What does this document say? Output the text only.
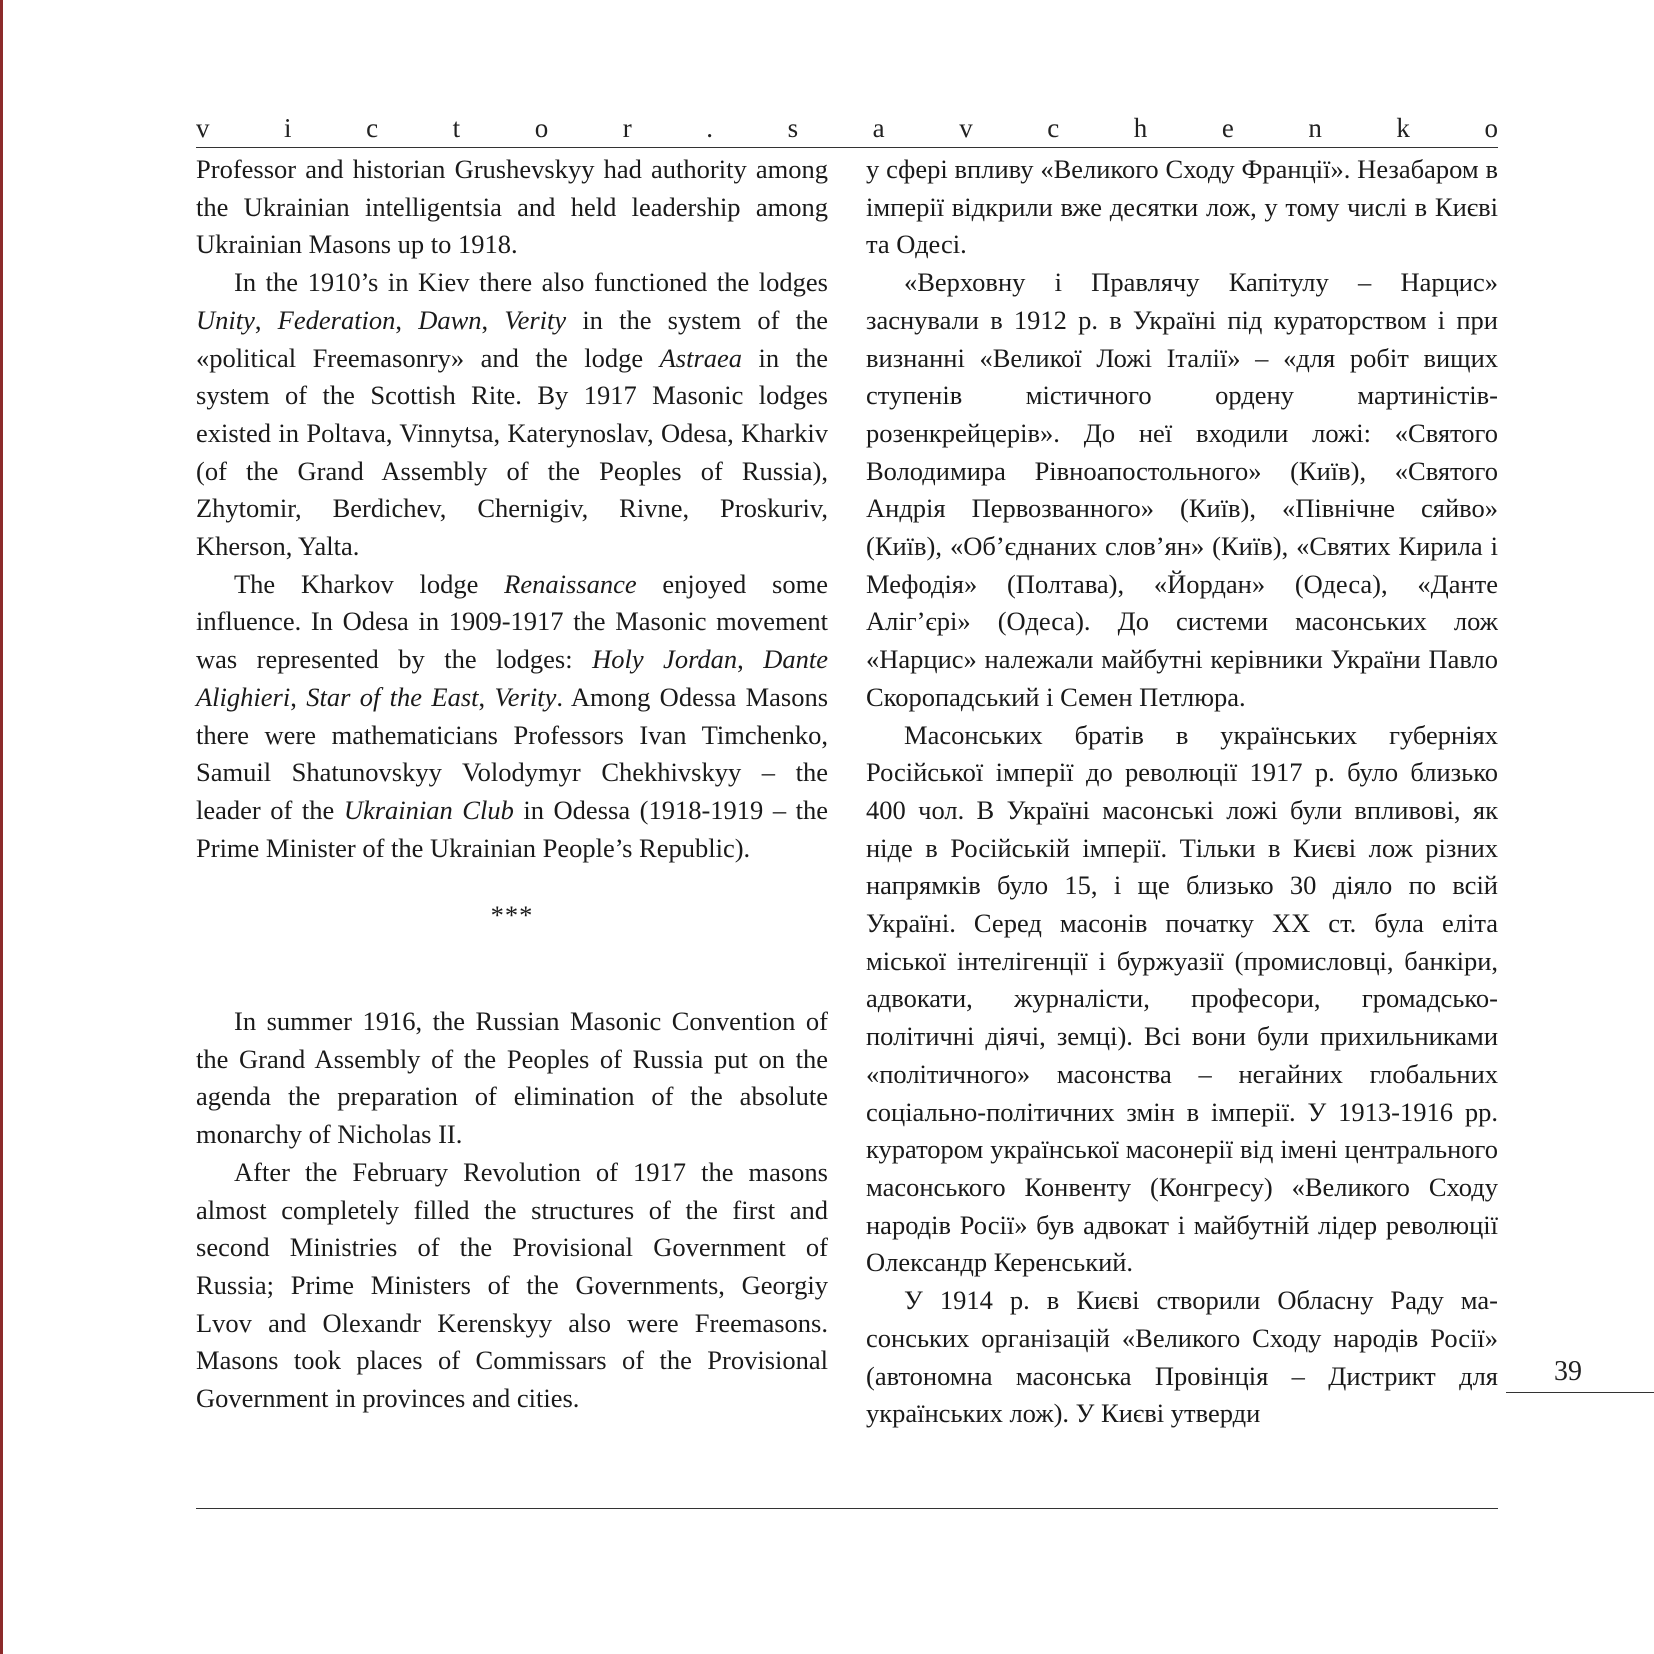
v	i	c	t	o	r	.	s	a	v	c	h	e	n	k	o

Professor and historian Grushevskyy had authority among the Ukrainian intelligentsia and held leadership among Ukrainian Masons up to 1918.

In the 1910’s in Kiev there also functioned the lodges Unity, Federation, Dawn, Verity in the system of the «political Freemasonry» and the lodge Astraea in the system of the Scottish Rite. By 1917 Masonic lodges existed in Poltava, Vinnytsa, Katerynoslav, Odesa, Kharkiv (of the Grand Assembly of the Peoples of Russia), Zhytomir, Berdichev, Chernigiv, Rivne, Proskuriv, Kherson, Yalta.

The Kharkov lodge Renaissance enjoyed some influence. In Odesa in 1909-1917 the Masonic movement was represented by the lodges: Holy Jordan, Dante Alighieri, Star of the East, Verity. Among Odessa Masons there were mathematicians Professors Ivan Timchenko, Samuil Shatunovskyy Volodymyr Chekhivskyy – the leader of the Ukrainian Club in Odessa (1918-1919 – the Prime Minister of the Ukrainian People’s Republic).

***

In summer 1916, the Russian Masonic Convention of the Grand Assembly of the Peoples of Russia put on the agenda the preparation of elimination of the absolute monarchy of Nicholas II.

After the February Revolution of 1917 the masons almost completely filled the structures of the first and second Ministries of the Provisional Government of Russia; Prime Ministers of the Governments, Georgiy Lvov and Olexandr Kerenskyy also were Freemasons. Masons took places of Commissars of the Provisional Government in provinces and cities.

у сфері впливу «Великого Сходу Франції». Незабаром в імперії відкрили вже десятки лож, у тому числі в Києві та Одесі.

«Верховну і Правлячу Капітулу – Нарцис» заснували в 1912 р. в Україні під кураторством і при визнанні «Великої Ложі Італії» – «для робіт вищих ступенів містичного ордену мартиністів-розенкрейцерів». До неї входили ложі: «Святого Володимира Рівноапостольного» (Київ), «Святого Андрія Первозванного» (Київ), «Північне сяйво» (Київ), «Об’єднаних слов’ян» (Київ), «Святих Кирила і Мефодія» (Полтава), «Йордан» (Одеса), «Данте Аліг’єрі» (Одеса). До системи масонських лож «Нарцис» належали майбутні керівники України Павло Скоропадський і Семен Петлюра.

Масонських братів в українських губерніях Російської імперії до революції 1917 р. було близько 400 чол. В Україні масонські ложі були впливові, як ніде в Російській імперії. Тільки в Києві лож різних напрямків було 15, і ще близько 30 діяло по всій Україні. Серед масонів початку XX ст. була еліта міської інтелігенції і буржуазії (промисловці, банкіри, адвокати, журналісти, професори, громадсько-політичні діячі, земці). Всі вони були прихильниками «політичного» масонства – негайних глобальних соціально-політичних змін в імперії. У 1913-1916 рр. куратором української масонерії від імені центрального масонського Конвенту (Конгресу) «Великого Сходу народів Росії» був адвокат і майбутній лідер революції Олександр Керенський.

У 1914 р. в Києві створили Обласну Раду масонських організацій «Великого Сходу народів Росії» (автономна масонська Провінція – Дистрикт для українських лож). У Києві утверди

39
